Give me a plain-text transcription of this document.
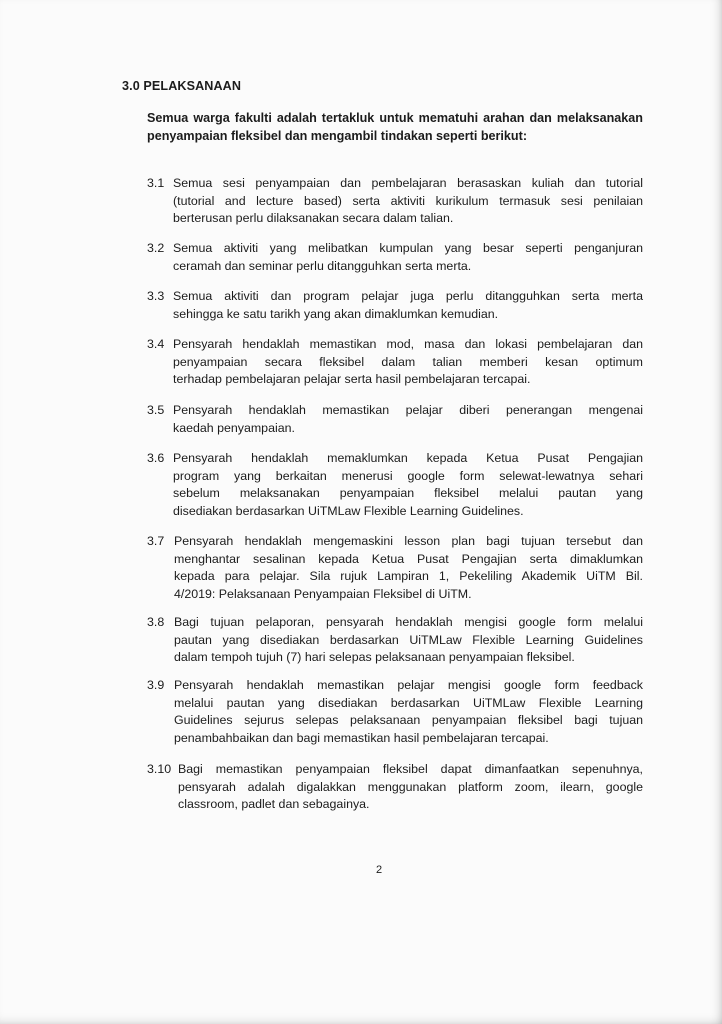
3.0 PELAKSANAAN
Semua warga fakulti adalah tertakluk untuk mematuhi arahan dan melaksanakan penyampaian fleksibel dan mengambil tindakan seperti berikut:
3.1 Semua sesi penyampaian dan pembelajaran berasaskan kuliah dan tutorial
(tutorial and lecture based) serta aktiviti kurikulum termasuk sesi penilaian
berterusan perlu dilaksanakan secara dalam talian.
3.2 Semua aktiviti yang melibatkan kumpulan yang besar seperti penganjuran
ceramah dan seminar perlu ditangguhkan serta merta.
3.3 Semua aktiviti dan program pelajar juga perlu ditangguhkan serta merta
sehingga ke satu tarikh yang akan dimaklumkan kemudian.
3.4 Pensyarah hendaklah memastikan mod, masa dan lokasi pembelajaran dan
penyampaian secara fleksibel dalam talian memberi kesan optimum
terhadap pembelajaran pelajar serta hasil pembelajaran tercapai.
3.5 Pensyarah hendaklah memastikan pelajar diberi penerangan mengenai
kaedah penyampaian.
3.6 Pensyarah hendaklah memaklumkan kepada Ketua Pusat Pengajian
program yang berkaitan menerusi google form selewat-lewatnya sehari
sebelum melaksanakan penyampaian fleksibel melalui pautan yang
disediakan berdasarkan UiTMLaw Flexible Learning Guidelines.
3.7 Pensyarah hendaklah mengemaskini lesson plan bagi tujuan tersebut dan
menghantar sesalinan kepada Ketua Pusat Pengajian serta dimaklumkan
kepada para pelajar. Sila rujuk Lampiran 1, Pekeliling Akademik UiTM Bil.
4/2019: Pelaksanaan Penyampaian Fleksibel di UiTM.
3.8 Bagi tujuan pelaporan, pensyarah hendaklah mengisi google form melalui
pautan yang disediakan berdasarkan UiTMLaw Flexible Learning Guidelines
dalam tempoh tujuh (7) hari selepas pelaksanaan penyampaian fleksibel.
3.9 Pensyarah hendaklah memastikan pelajar mengisi google form feedback
melalui pautan yang disediakan berdasarkan UiTMLaw Flexible Learning
Guidelines sejurus selepas pelaksanaan penyampaian fleksibel bagi tujuan
penambahbaikan dan bagi memastikan hasil pembelajaran tercapai.
3.10 Bagi memastikan penyampaian fleksibel dapat dimanfaatkan sepenuhnya,
pensyarah adalah digalakkan menggunakan platform zoom, ilearn, google
classroom, padlet dan sebagainya.
2
